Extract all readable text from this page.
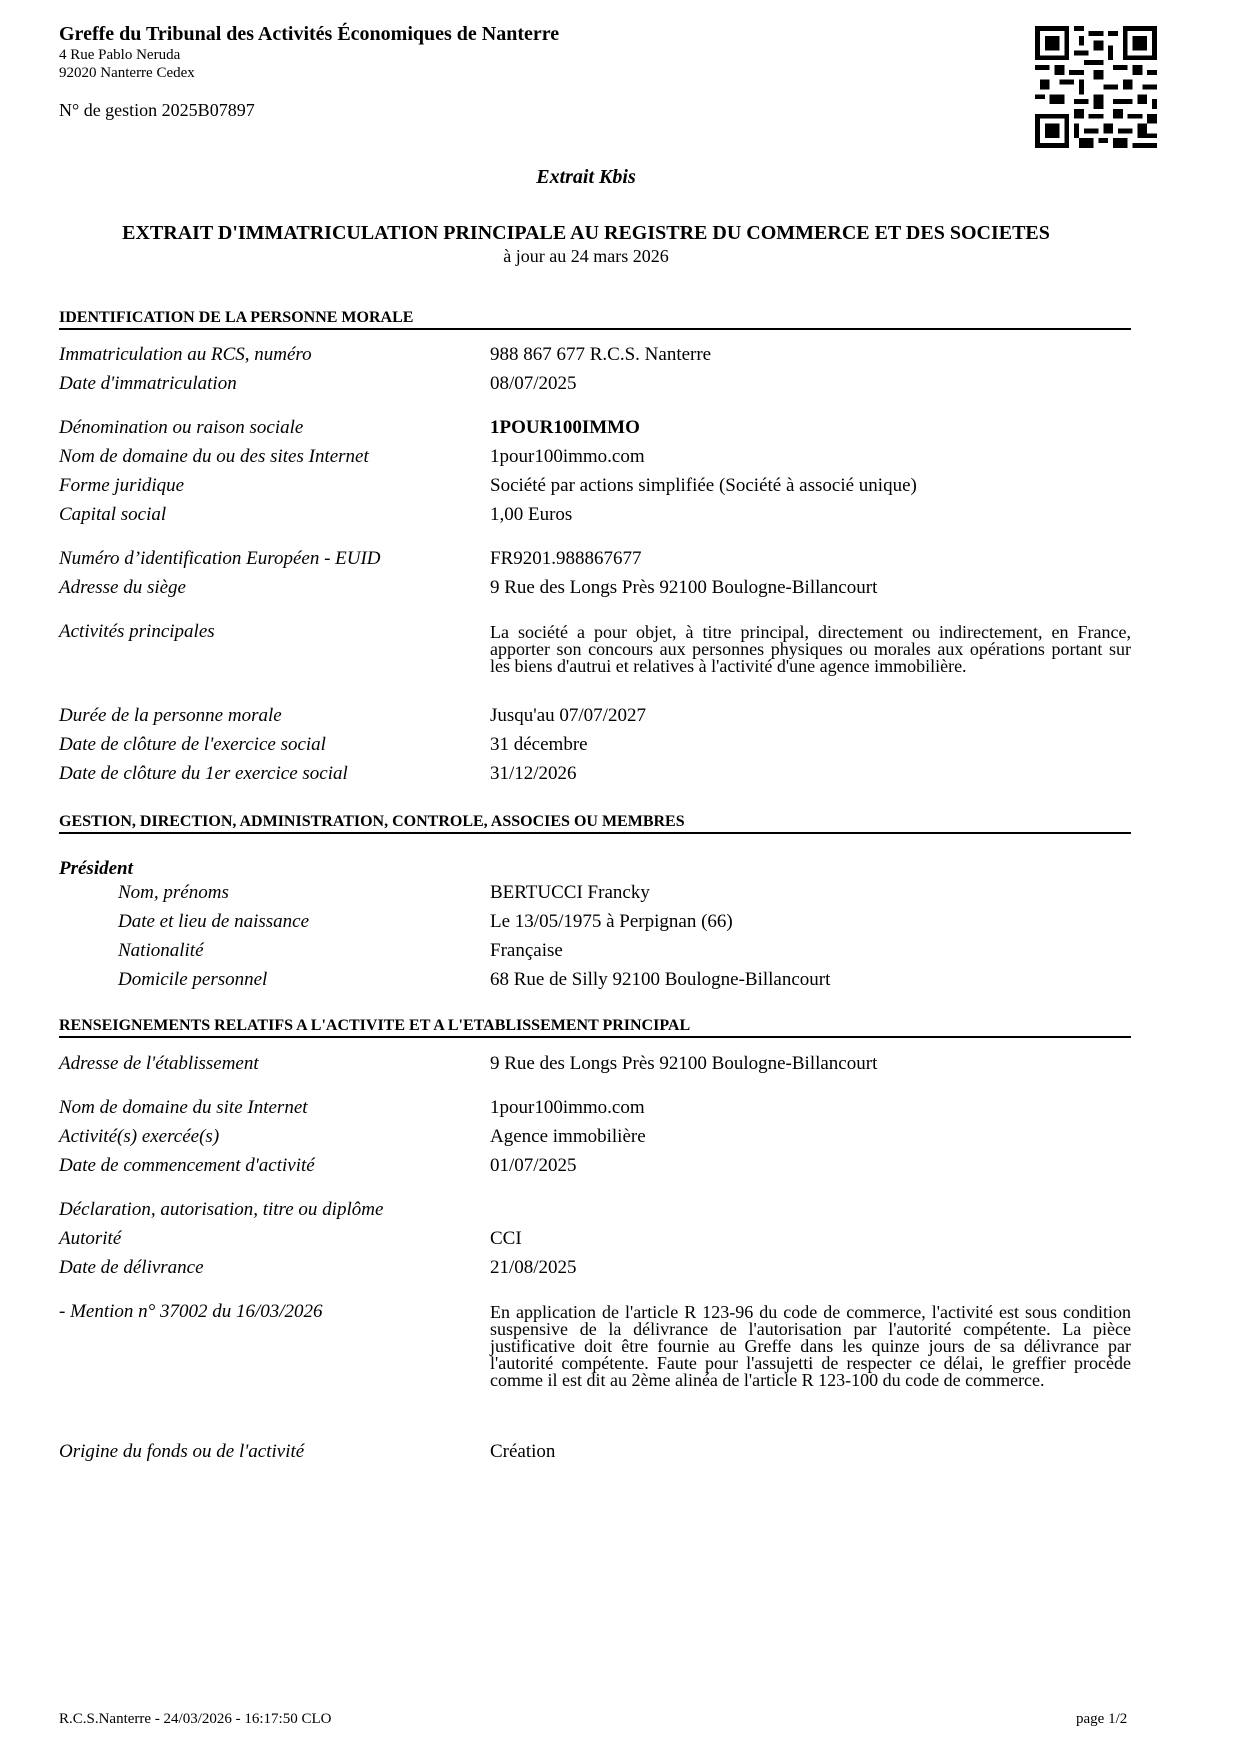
Greffe du Tribunal des Activités Économiques de Nanterre
4 Rue Pablo Neruda
92020 Nanterre Cedex
N° de gestion 2025B07897
Extrait Kbis
EXTRAIT D'IMMATRICULATION PRINCIPALE AU REGISTRE DU COMMERCE ET DES SOCIETES
à jour au 24 mars 2026
IDENTIFICATION DE LA PERSONNE MORALE
Immatriculation au RCS, numéro	988 867 677 R.C.S. Nanterre
Date d'immatriculation	08/07/2025
Dénomination ou raison sociale	1POUR100IMMO
Nom de domaine du ou des sites Internet	1pour100immo.com
Forme juridique	Société par actions simplifiée (Société à associé unique)
Capital social	1,00 Euros
Numéro d’identification Européen - EUID	FR9201.988867677
Adresse du siège	9 Rue des Longs Près 92100 Boulogne-Billancourt
Activités principales	La société a pour objet, à titre principal, directement ou indirectement, en France, apporter son concours aux personnes physiques ou morales aux opérations portant sur les biens d'autrui et relatives à l'activité d'une agence immobilière.
Durée de la personne morale	Jusqu'au 07/07/2027
Date de clôture de l'exercice social	31 décembre
Date de clôture du 1er exercice social	31/12/2026
GESTION, DIRECTION, ADMINISTRATION, CONTROLE, ASSOCIES OU MEMBRES
Président
Nom, prénoms	BERTUCCI Francky
Date et lieu de naissance	Le 13/05/1975 à Perpignan (66)
Nationalité	Française
Domicile personnel	68 Rue de Silly 92100 Boulogne-Billancourt
RENSEIGNEMENTS RELATIFS A L'ACTIVITE ET A L'ETABLISSEMENT PRINCIPAL
Adresse de l'établissement	9 Rue des Longs Près 92100 Boulogne-Billancourt
Nom de domaine du site Internet	1pour100immo.com
Activité(s) exercée(s)	Agence immobilière
Date de commencement d'activité	01/07/2025
Déclaration, autorisation, titre ou diplôme
Autorité	CCI
Date de délivrance	21/08/2025
- Mention n° 37002 du 16/03/2026	En application de l'article R 123-96 du code de commerce, l'activité est sous condition suspensive de la délivrance de l'autorisation par l'autorité compétente. La pièce justificative doit être fournie au Greffe dans les quinze jours de sa délivrance par l'autorité compétente. Faute pour l'assujetti de respecter ce délai, le greffier procède comme il est dit au 2ème alinéa de l'article R 123-100 du code de commerce.
Origine du fonds ou de l'activité	Création
R.C.S.Nanterre - 24/03/2026 - 16:17:50 CLO	page 1/2
